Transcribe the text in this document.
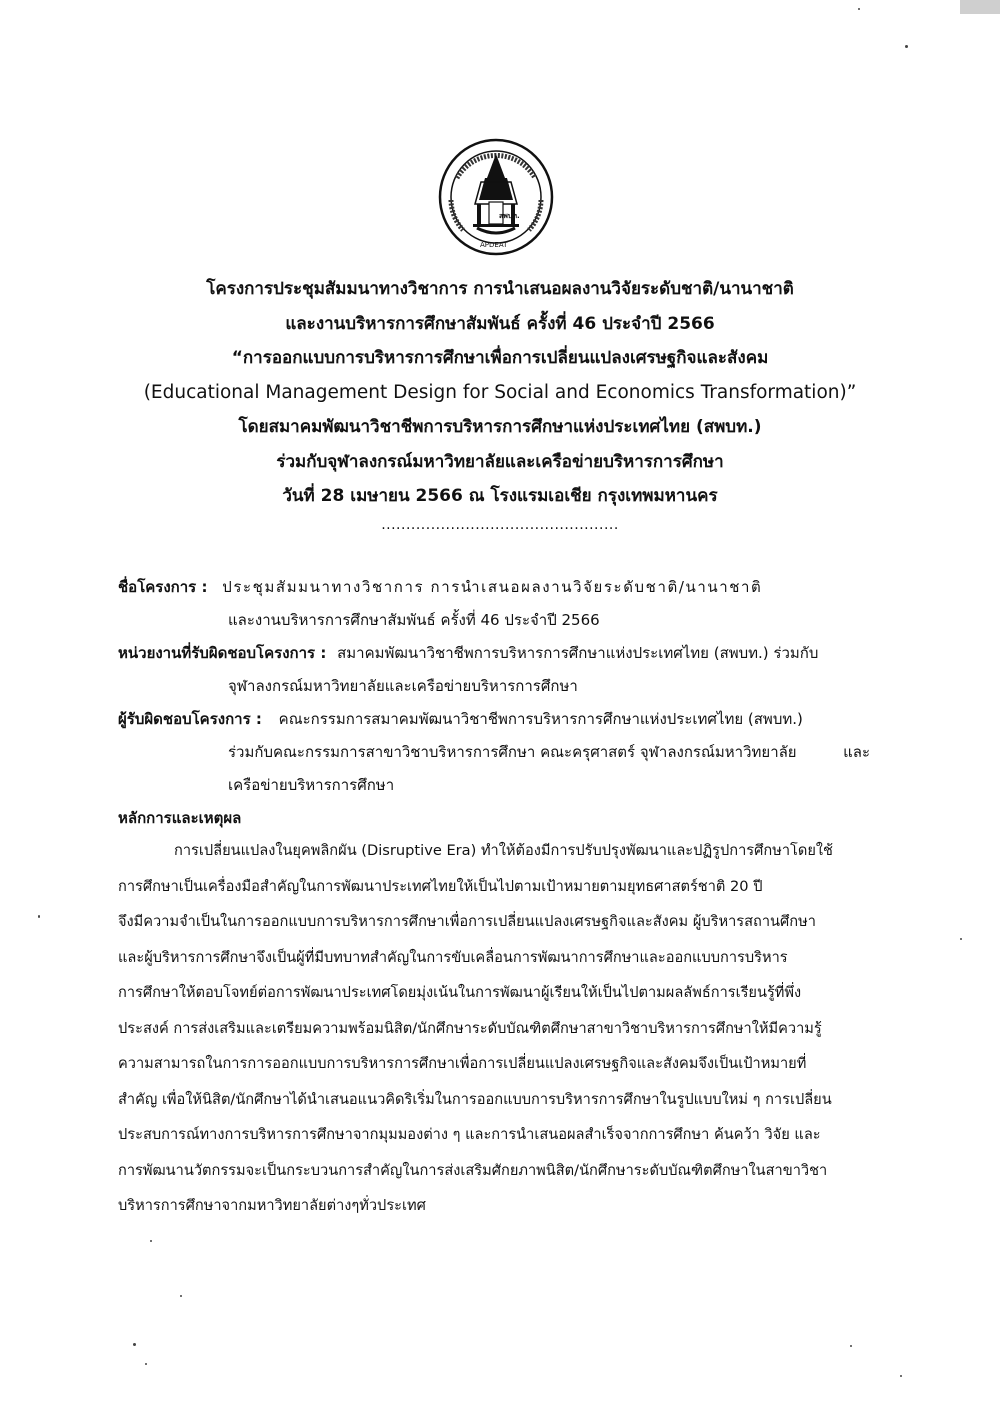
สพบท.
APDEAT
โครงการประชุมสัมมนาทางวิชาการ การนำเสนอผลงานวิจัยระดับชาติ/นานาชาติ
และงานบริหารการศึกษาสัมพันธ์ ครั้งที่ 46 ประจำปี 2566
“การออกแบบการบริหารการศึกษาเพื่อการเปลี่ยนแปลงเศรษฐกิจและสังคม
(Educational Management Design for Social and Economics Transformation)”
โดยสมาคมพัฒนาวิชาชีพการบริหารการศึกษาแห่งประเทศไทย (สพบท.)
ร่วมกับจุฬาลงกรณ์มหาวิทยาลัยและเครือข่ายบริหารการศึกษา
วันที่ 28 เมษายน 2566 ณ โรงแรมเอเชีย กรุงเทพมหานคร
................................................
ชื่อโครงการ : ประชุมสัมมนาทางวิชาการ การนำเสนอผลงานวิจัยระดับชาติ/นานาชาติ
และงานบริหารการศึกษาสัมพันธ์ ครั้งที่ 46 ประจำปี 2566
หน่วยงานที่รับผิดชอบโครงการ : สมาคมพัฒนาวิชาชีพการบริหารการศึกษาแห่งประเทศไทย (สพบท.) ร่วมกับ
จุฬาลงกรณ์มหาวิทยาลัยและเครือข่ายบริหารการศึกษา
ผู้รับผิดชอบโครงการ : คณะกรรมการสมาคมพัฒนาวิชาชีพการบริหารการศึกษาแห่งประเทศไทย (สพบท.)
ร่วมกับคณะกรรมการสาขาวิชาบริหารการศึกษา คณะครุศาสตร์ จุฬาลงกรณ์มหาวิทยาลัย	และ
เครือข่ายบริหารการศึกษา
หลักการและเหตุผล
การเปลี่ยนแปลงในยุคพลิกผัน (Disruptive Era) ทำให้ต้องมีการปรับปรุงพัฒนาและปฏิรูปการศึกษาโดยใช้
การศึกษาเป็นเครื่องมือสำคัญในการพัฒนาประเทศไทยให้เป็นไปตามเป้าหมายตามยุทธศาสตร์ชาติ 20 ปี
จึงมีความจำเป็นในการออกแบบการบริหารการศึกษาเพื่อการเปลี่ยนแปลงเศรษฐกิจและสังคม ผู้บริหารสถานศึกษา
และผู้บริหารการศึกษาจึงเป็นผู้ที่มีบทบาทสำคัญในการขับเคลื่อนการพัฒนาการศึกษาและออกแบบการบริหาร
การศึกษาให้ตอบโจทย์ต่อการพัฒนาประเทศโดยมุ่งเน้นในการพัฒนาผู้เรียนให้เป็นไปตามผลลัพธ์การเรียนรู้ที่พึ่ง
ประสงค์ การส่งเสริมและเตรียมความพร้อมนิสิต/นักศึกษาระดับบัณฑิตศึกษาสาขาวิชาบริหารการศึกษาให้มีความรู้
ความสามารถในการการออกแบบการบริหารการศึกษาเพื่อการเปลี่ยนแปลงเศรษฐกิจและสังคมจึงเป็นเป้าหมายที่
สำคัญ เพื่อให้นิสิต/นักศึกษาได้นำเสนอแนวคิดริเริ่มในการออกแบบการบริหารการศึกษาในรูปแบบใหม่ ๆ การเปลี่ยน
ประสบการณ์ทางการบริหารการศึกษาจากมุมมองต่าง ๆ และการนำเสนอผลสำเร็จจากการศึกษา ค้นคว้า วิจัย และ
การพัฒนานวัตกรรมจะเป็นกระบวนการสำคัญในการส่งเสริมศักยภาพนิสิต/นักศึกษาระดับบัณฑิตศึกษาในสาขาวิชา
บริหารการศึกษาจากมหาวิทยาลัยต่างๆทั่วประเทศ
